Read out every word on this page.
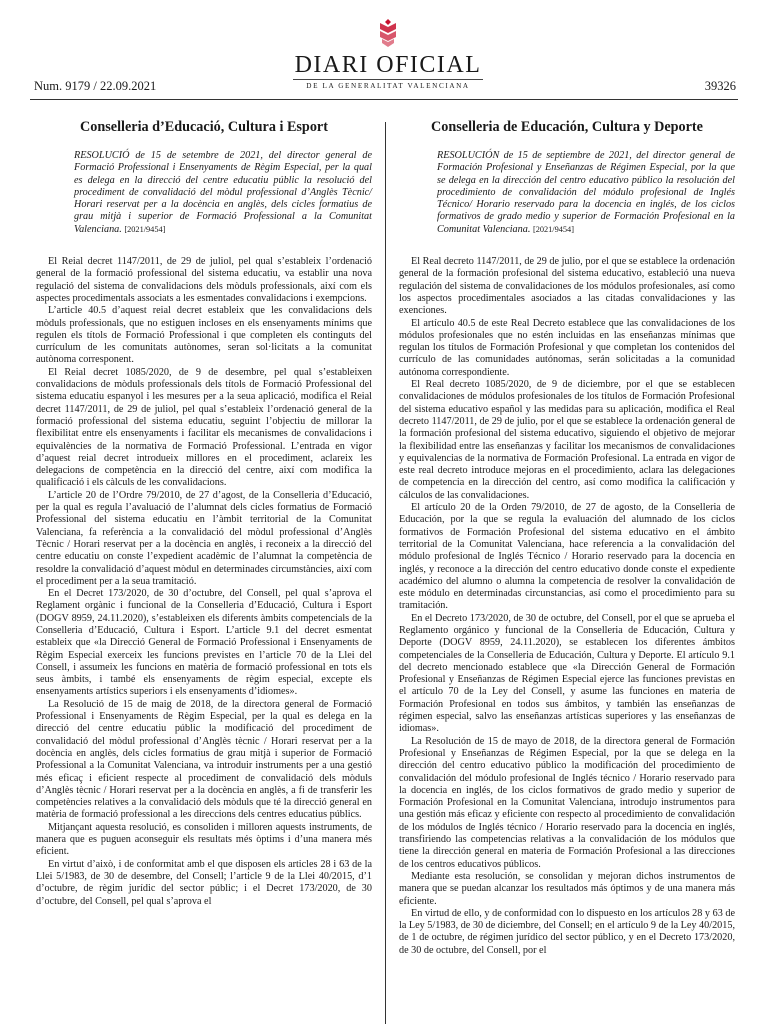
Num. 9179 / 22.09.2021
DIARI OFICIAL
DE LA GENERALITAT VALENCIANA	39326
Conselleria d’Educació, Cultura i Esport
RESOLUCIÓ de 15 de setembre de 2021, del director general de Formació Professional i Ensenyaments de Règim Especial, per la qual es delega en la direcció del centre educatiu públic la resolució del procediment de convalidació del mòdul professional d’Anglès Tècnic/ Horari reservat per a la docència en anglès, dels cicles formatius de grau mitjà i superior de Formació Professional a la Comunitat Valenciana. [2021/9454]

El Reial decret 1147/2011, de 29 de juliol, pel qual s’estableix l’ordenació general de la formació professional del sistema educatiu, va establir una nova regulació del sistema de convalidacions dels mòduls professionals, així com els aspectes procedimentals associats a les esmentades convalidacions i exempcions.

L’article 40.5 d’aquest reial decret estableix que les convalidacions dels mòduls professionals, que no estiguen incloses en els ensenyaments mínims que regulen els títols de Formació Professional i que completen els continguts del currículum de les comunitats autònomes, seran sol·licitats a la comunitat autònoma corresponent.

El Reial decret 1085/2020, de 9 de desembre, pel qual s’estableixen convalidacions de mòduls professionals dels títols de Formació Professional del sistema educatiu espanyol i les mesures per a la seua aplicació, modifica el Reial decret 1147/2011, de 29 de juliol, pel qual s’estableix l’ordenació general de la formació professional del sistema educatiu, seguint l’objectiu de millorar la flexibilitat entre els ensenyaments i facilitar els mecanismes de convalidacions i equivalències de la normativa de Formació Professional. L’entrada en vigor d’aquest reial decret introdueix millores en el procediment, aclareix les delegacions de competència en la direcció del centre, així com modifica la qualificació i els càlculs de les convalidacions.

L’article 20 de l’Ordre 79/2010, de 27 d’agost, de la Conselleria d’Educació, per la qual es regula l’avaluació de l’alumnat dels cicles formatius de Formació Professional del sistema educatiu en l’àmbit territorial de la Comunitat Valenciana, fa referència a la convalidació del mòdul professional d’Anglès Tècnic / Horari reservat per a la docència en anglès, i reconeix a la direcció del centre educatiu on conste l’expedient acadèmic de l’alumnat la competència de resoldre la convalidació d’aquest mòdul en determinades circumstàncies, així com el procediment per a la seua tramitació.

En el Decret 173/2020, de 30 d’octubre, del Consell, pel qual s’aprova el Reglament orgànic i funcional de la Conselleria d’Educació, Cultura i Esport (DOGV 8959, 24.11.2020), s’estableixen els diferents àmbits competencials de la Conselleria d’Educació, Cultura i Esport. L’article 9.1 del decret esmentat estableix que «la Direcció General de Formació Professional i Ensenyaments de Règim Especial exerceix les funcions previstes en l’article 70 de la Llei del Consell, i assumeix les funcions en matèria de formació professional en tots els seus àmbits, i també els ensenyaments de règim especial, excepte els ensenyaments artístics superiors i els ensenyaments d’idiomes».

La Resolució de 15 de maig de 2018, de la directora general de Formació Professional i Ensenyaments de Règim Especial, per la qual es delega en la direcció del centre educatiu públic la modificació del procediment de convalidació del mòdul professional d’Anglès tècnic / Horari reservat per a la docència en anglès, dels cicles formatius de grau mitjà i superior de Formació Professional a la Comunitat Valenciana, va introduir instruments per a una gestió més eficaç i eficient respecte al procediment de convalidació dels mòduls d’Anglès tècnic / Horari reservat per a la docència en anglès, a fi de transferir les competències relatives a la convalidació dels mòduls que té la direcció general en matèria de formació professional a les direccions dels centres educatius públics.

Mitjançant aquesta resolució, es consoliden i milloren aquests instruments, de manera que es puguen aconseguir els resultats més òptims i d’una manera més eficient.

En virtut d’això, i de conformitat amb el que disposen els articles 28 i 63 de la Llei 5/1983, de 30 de desembre, del Consell; l’article 9 de la Llei 40/2015, d’1 d’octubre, de règim jurídic del sector públic; i el Decret 173/2020, de 30 d’octubre, del Consell, pel qual s’aprova el

Conselleria de Educación, Cultura y Deporte
RESOLUCIÓN de 15 de septiembre de 2021, del director general de Formación Profesional y Enseñanzas de Régimen Especial, por la que se delega en la dirección del centro educativo público la resolución del procedimiento de convalidación del módulo profesional de Inglés Técnico/ Horario reservado para la docencia en inglés, de los ciclos formativos de grado medio y superior de Formación Profesional en la Comunitat Valenciana. [2021/9454]

El Real decreto 1147/2011, de 29 de julio, por el que se establece la ordenación general de la formación profesional del sistema educativo, estableció una nueva regulación del sistema de convalidaciones de los módulos profesionales, así como los aspectos procedimentales asociados a las citadas convalidaciones y las exenciones.

El artículo 40.5 de este Real Decreto establece que las convalidaciones de los módulos profesionales que no estén incluidas en las enseñanzas mínimas que regulan los títulos de Formación Profesional y que completan los contenidos del currículo de las comunidades autónomas, serán solicitadas a la comunidad autónoma correspondiente.

El Real decreto 1085/2020, de 9 de diciembre, por el que se establecen convalidaciones de módulos profesionales de los títulos de Formación Profesional del sistema educativo español y las medidas para su aplicación, modifica el Real decreto 1147/2011, de 29 de julio, por el que se establece la ordenación general de la formación profesional del sistema educativo, siguiendo el objetivo de mejorar la flexibilidad entre las enseñanzas y facilitar los mecanismos de convalidaciones y equivalencias de la normativa de Formación Profesional. La entrada en vigor de este real decreto introduce mejoras en el procedimiento, aclara las delegaciones de competencia en la dirección del centro, así como modifica la calificación y cálculos de las convalidaciones.

El artículo 20 de la Orden 79/2010, de 27 de agosto, de la Conselleria de Educación, por la que se regula la evaluación del alumnado de los ciclos formativos de Formación Profesional del sistema educativo en el ámbito territorial de la Comunitat Valenciana, hace referencia a la convalidación del módulo profesional de Inglés Técnico / Horario reservado para la docencia en inglés, y reconoce a la dirección del centro educativo donde conste el expediente académico del alumno o alumna la competencia de resolver la convalidación de este módulo en determinadas circunstancias, así como el procedimiento para su tramitación.

En el Decreto 173/2020, de 30 de octubre, del Consell, por el que se aprueba el Reglamento orgánico y funcional de la Conselleria de Educación, Cultura y Deporte (DOGV 8959, 24.11.2020), se establecen los diferentes ámbitos competenciales de la Conselleria de Educación, Cultura y Deporte. El artículo 9.1 del decreto mencionado establece que «la Dirección General de Formación Profesional y Enseñanzas de Régimen Especial ejerce las funciones previstas en el artículo 70 de la Ley del Consell, y asume las funciones en materia de Formación Profesional en todos sus ámbitos, y también las enseñanzas de régimen especial, salvo las enseñanzas artísticas superiores y las enseñanzas de idiomas».

La Resolución de 15 de mayo de 2018, de la directora general de Formación Profesional y Enseñanzas de Régimen Especial, por la que se delega en la dirección del centro educativo público la modificación del procedimiento de convalidación del módulo profesional de Inglés técnico / Horario reservado para la docencia en inglés, de los ciclos formativos de grado medio y superior de Formación Profesional en la Comunitat Valenciana, introdujo instrumentos para una gestión más eficaz y eficiente con respecto al procedimiento de convalidación de los módulos de Inglés técnico / Horario reservado para la docencia en inglés, transfiriendo las competencias relativas a la convalidación de los módulos que tiene la dirección general en materia de Formación Profesional a las direcciones de los centros educativos públicos.

Mediante esta resolución, se consolidan y mejoran dichos instrumentos de manera que se puedan alcanzar los resultados más óptimos y de una manera más eficiente.

En virtud de ello, y de conformidad con lo dispuesto en los artículos 28 y 63 de la Ley 5/1983, de 30 de diciembre, del Consell; en el artículo 9 de la Ley 40/2015, de 1 de octubre, de régimen jurídico del sector público, y en el Decreto 173/2020, de 30 de octubre, del Consell, por el
